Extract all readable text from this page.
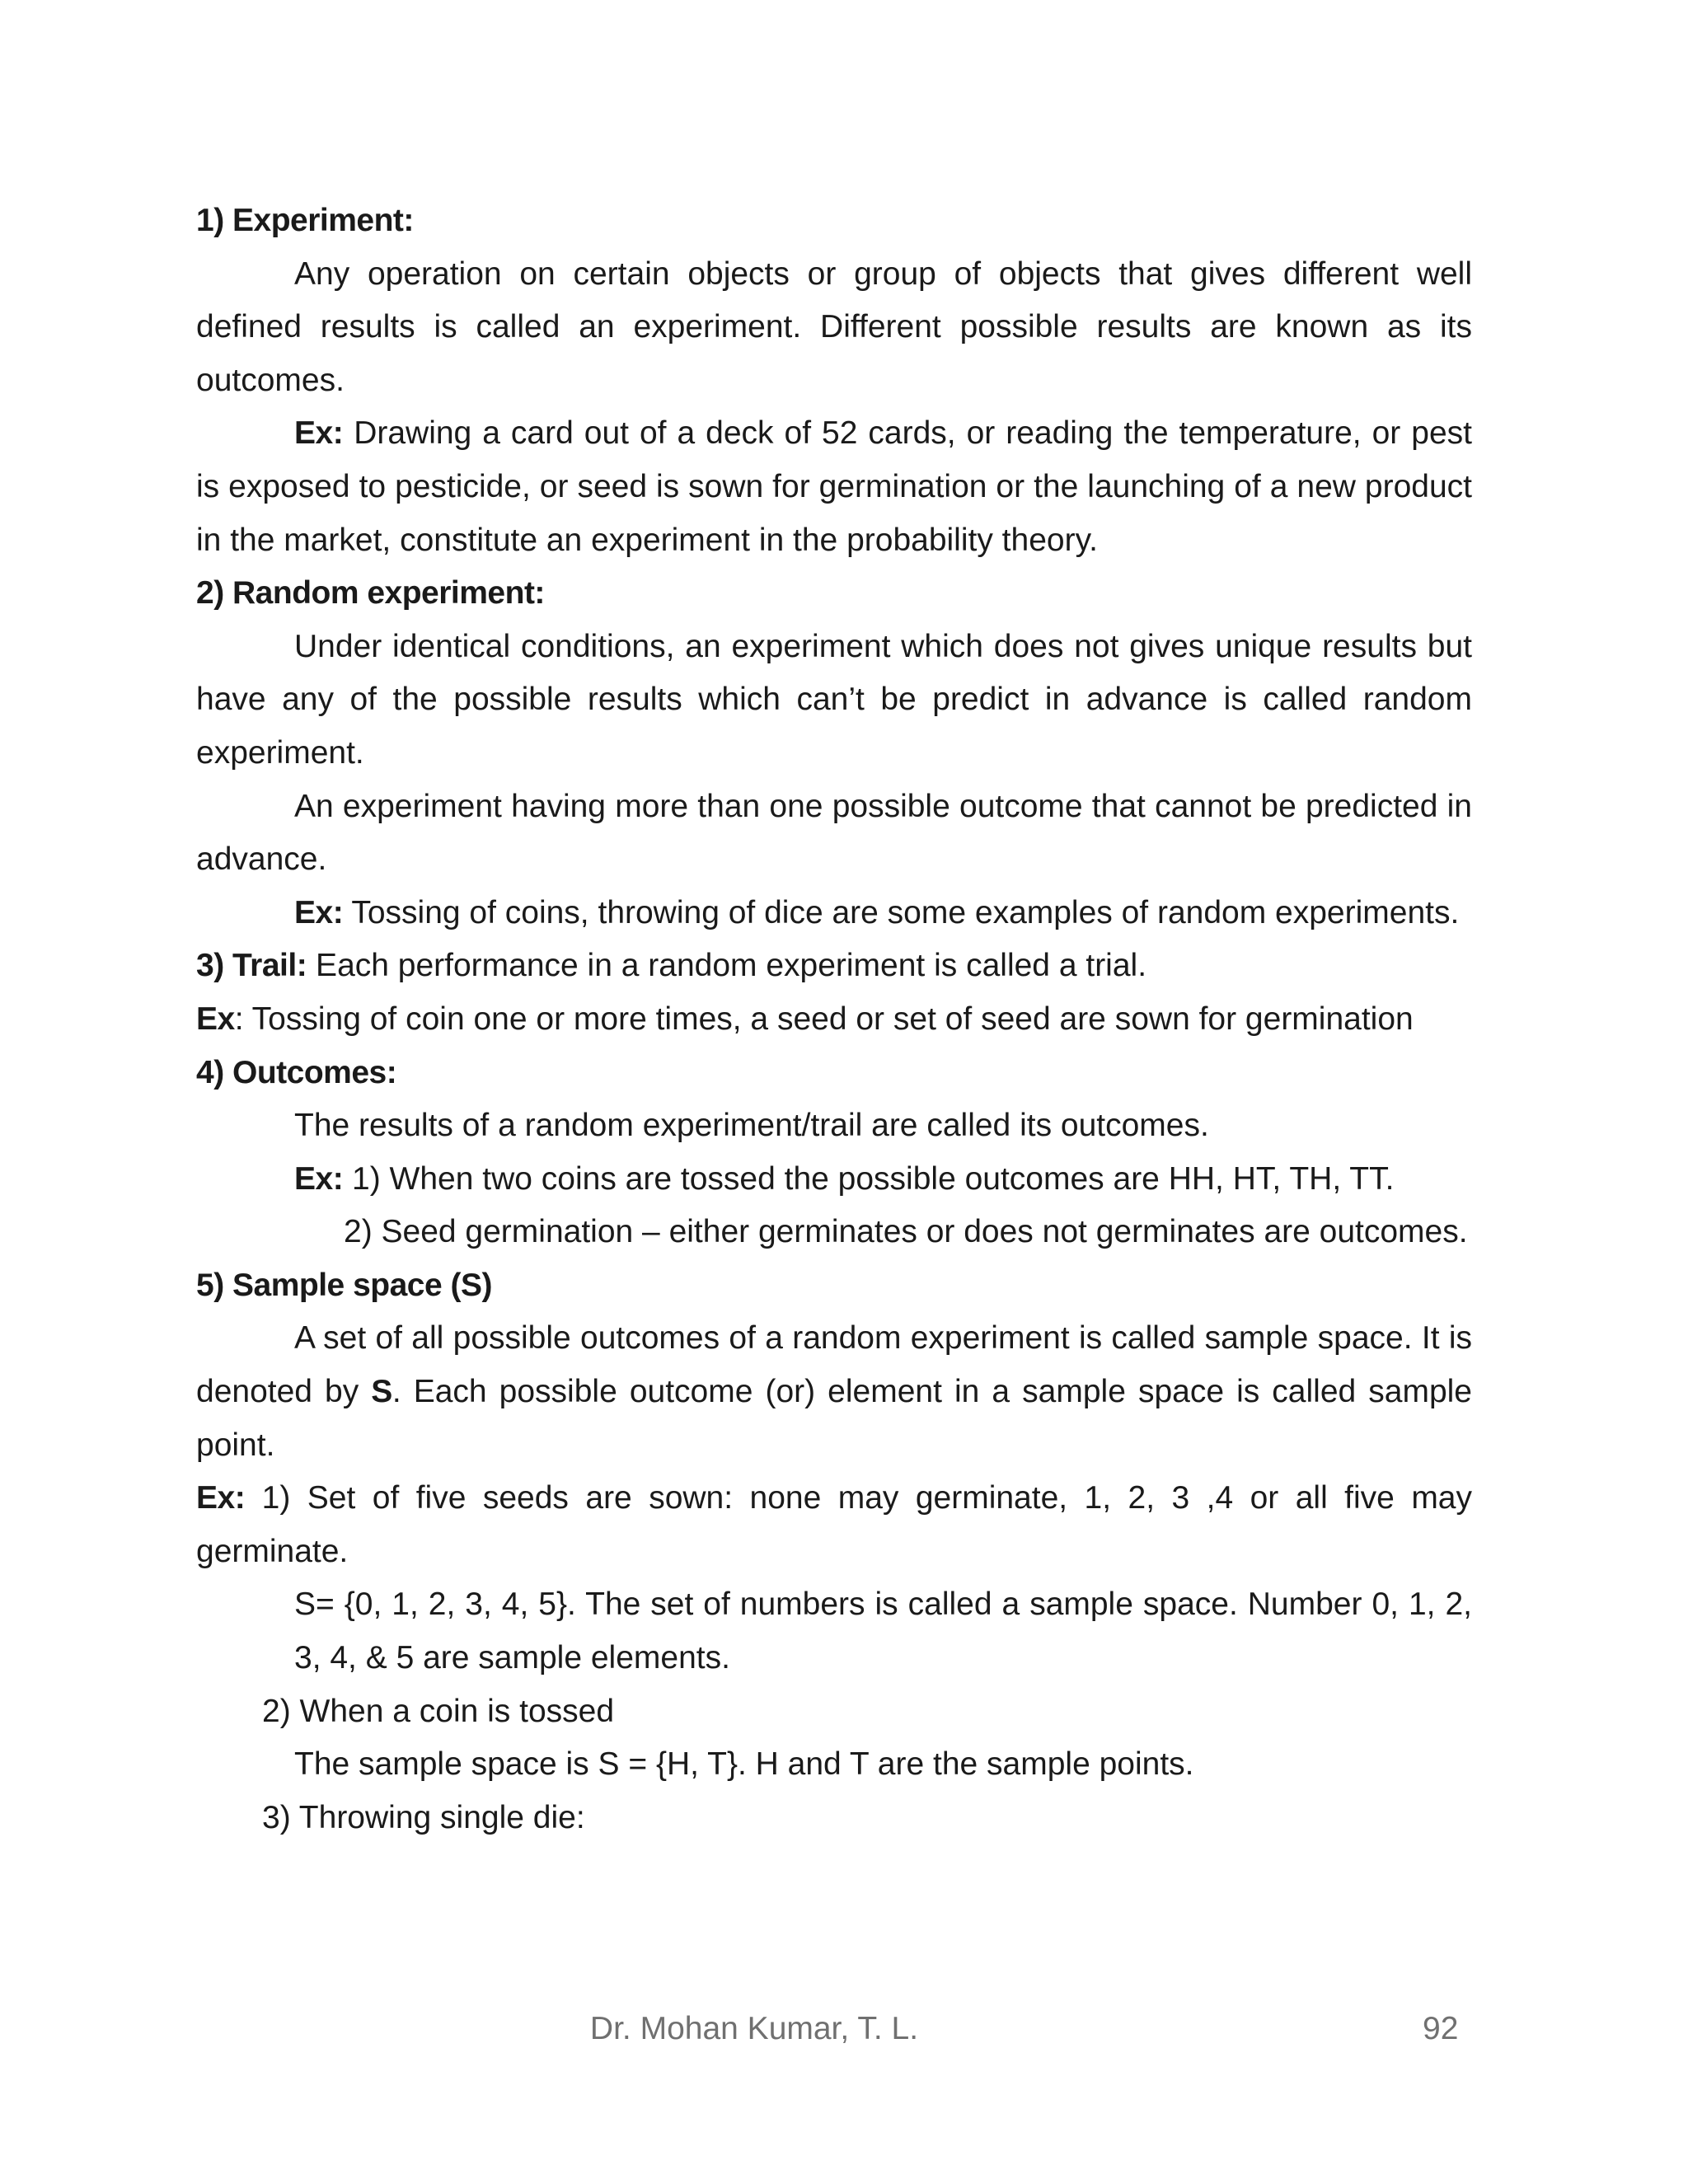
1) Experiment:

Any operation on certain objects or group of objects that gives different well defined results is called an experiment. Different possible results are known as its outcomes.

Ex: Drawing a card out of a deck of 52 cards, or reading the temperature, or pest is exposed to pesticide, or seed is sown for germination or the launching of a new product in the market, constitute an experiment in the probability theory.

2) Random experiment:

Under identical conditions, an experiment which does not gives unique results but have any of the possible results which can’t be predict in advance is called random experiment.

An experiment having more than one possible outcome that cannot be predicted in advance.

Ex: Tossing of coins, throwing of dice are some examples of random experiments.

3) Trail: Each performance in a random experiment is called a trial.

Ex: Tossing of coin one or more times, a seed or set of seed are sown for germination

4) Outcomes:

The results of a random experiment/trail are called its outcomes.

Ex: 1) When two coins are tossed the possible outcomes are HH, HT, TH, TT.

2) Seed germination – either germinates or does not germinates are outcomes.

5) Sample space (S)

A set of all possible outcomes of a random experiment is called sample space. It is denoted by S. Each possible outcome (or) element in a sample space is called sample point.

Ex: 1) Set of five seeds are sown: none may germinate, 1, 2, 3 ,4 or all five may germinate.

S= {0, 1, 2, 3, 4, 5}. The set of numbers is called a sample space. Number 0, 1, 2, 3, 4, & 5 are sample elements.

2) When a coin is tossed

The sample space is S = {H, T}. H and T are the sample points.

3) Throwing single die:

Dr. Mohan Kumar, T. L.	92
